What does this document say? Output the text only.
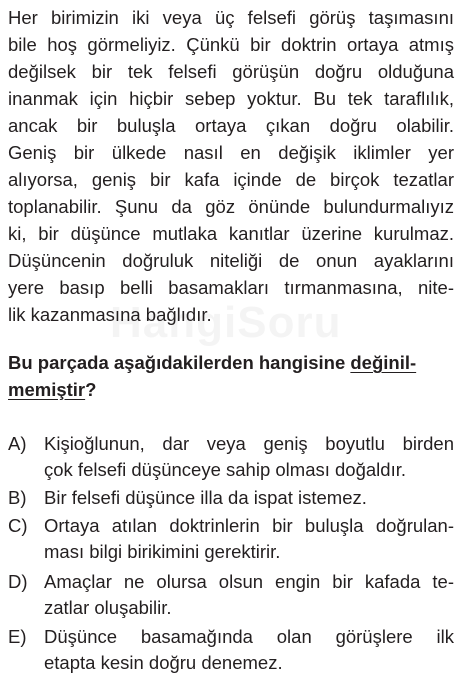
Her birimizin iki veya üç felsefi görüş taşımasını
bile hoş görmeliyiz. Çünkü bir doktrin ortaya atmış
değilsek bir tek felsefi görüşün doğru olduğuna
inanmak için hiçbir sebep yoktur. Bu tek taraflılık,
ancak bir buluşla ortaya çıkan doğru olabilir.
Geniş bir ülkede nasıl en değişik iklimler yer
alıyorsa, geniş bir kafa içinde de birçok tezatlar
toplanabilir. Şunu da göz önünde bulundurmalıyız
ki, bir düşünce mutlaka kanıtlar üzerine kurulmaz.
Düşüncenin doğruluk niteliği de onun ayaklarını
yere basıp belli basamakları tırmanmasına, nite-
lik kazanmasına bağlıdır.
Bu parçada aşağıdakilerden hangisine değinil-
memiştir?
A) Kişioğlunun, dar veya geniş boyutlu birden
çok felsefi düşünceye sahip olması doğaldır.
B) Bir felsefi düşünce illa da ispat istemez.
C) Ortaya atılan doktrinlerin bir buluşla doğrulan-
ması bilgi birikimini gerektirir.
D) Amaçlar ne olursa olsun engin bir kafada te-
zatlar oluşabilir.
E) Düşünce basamağında olan görüşlere ilk
etapta kesin doğru denemez.
